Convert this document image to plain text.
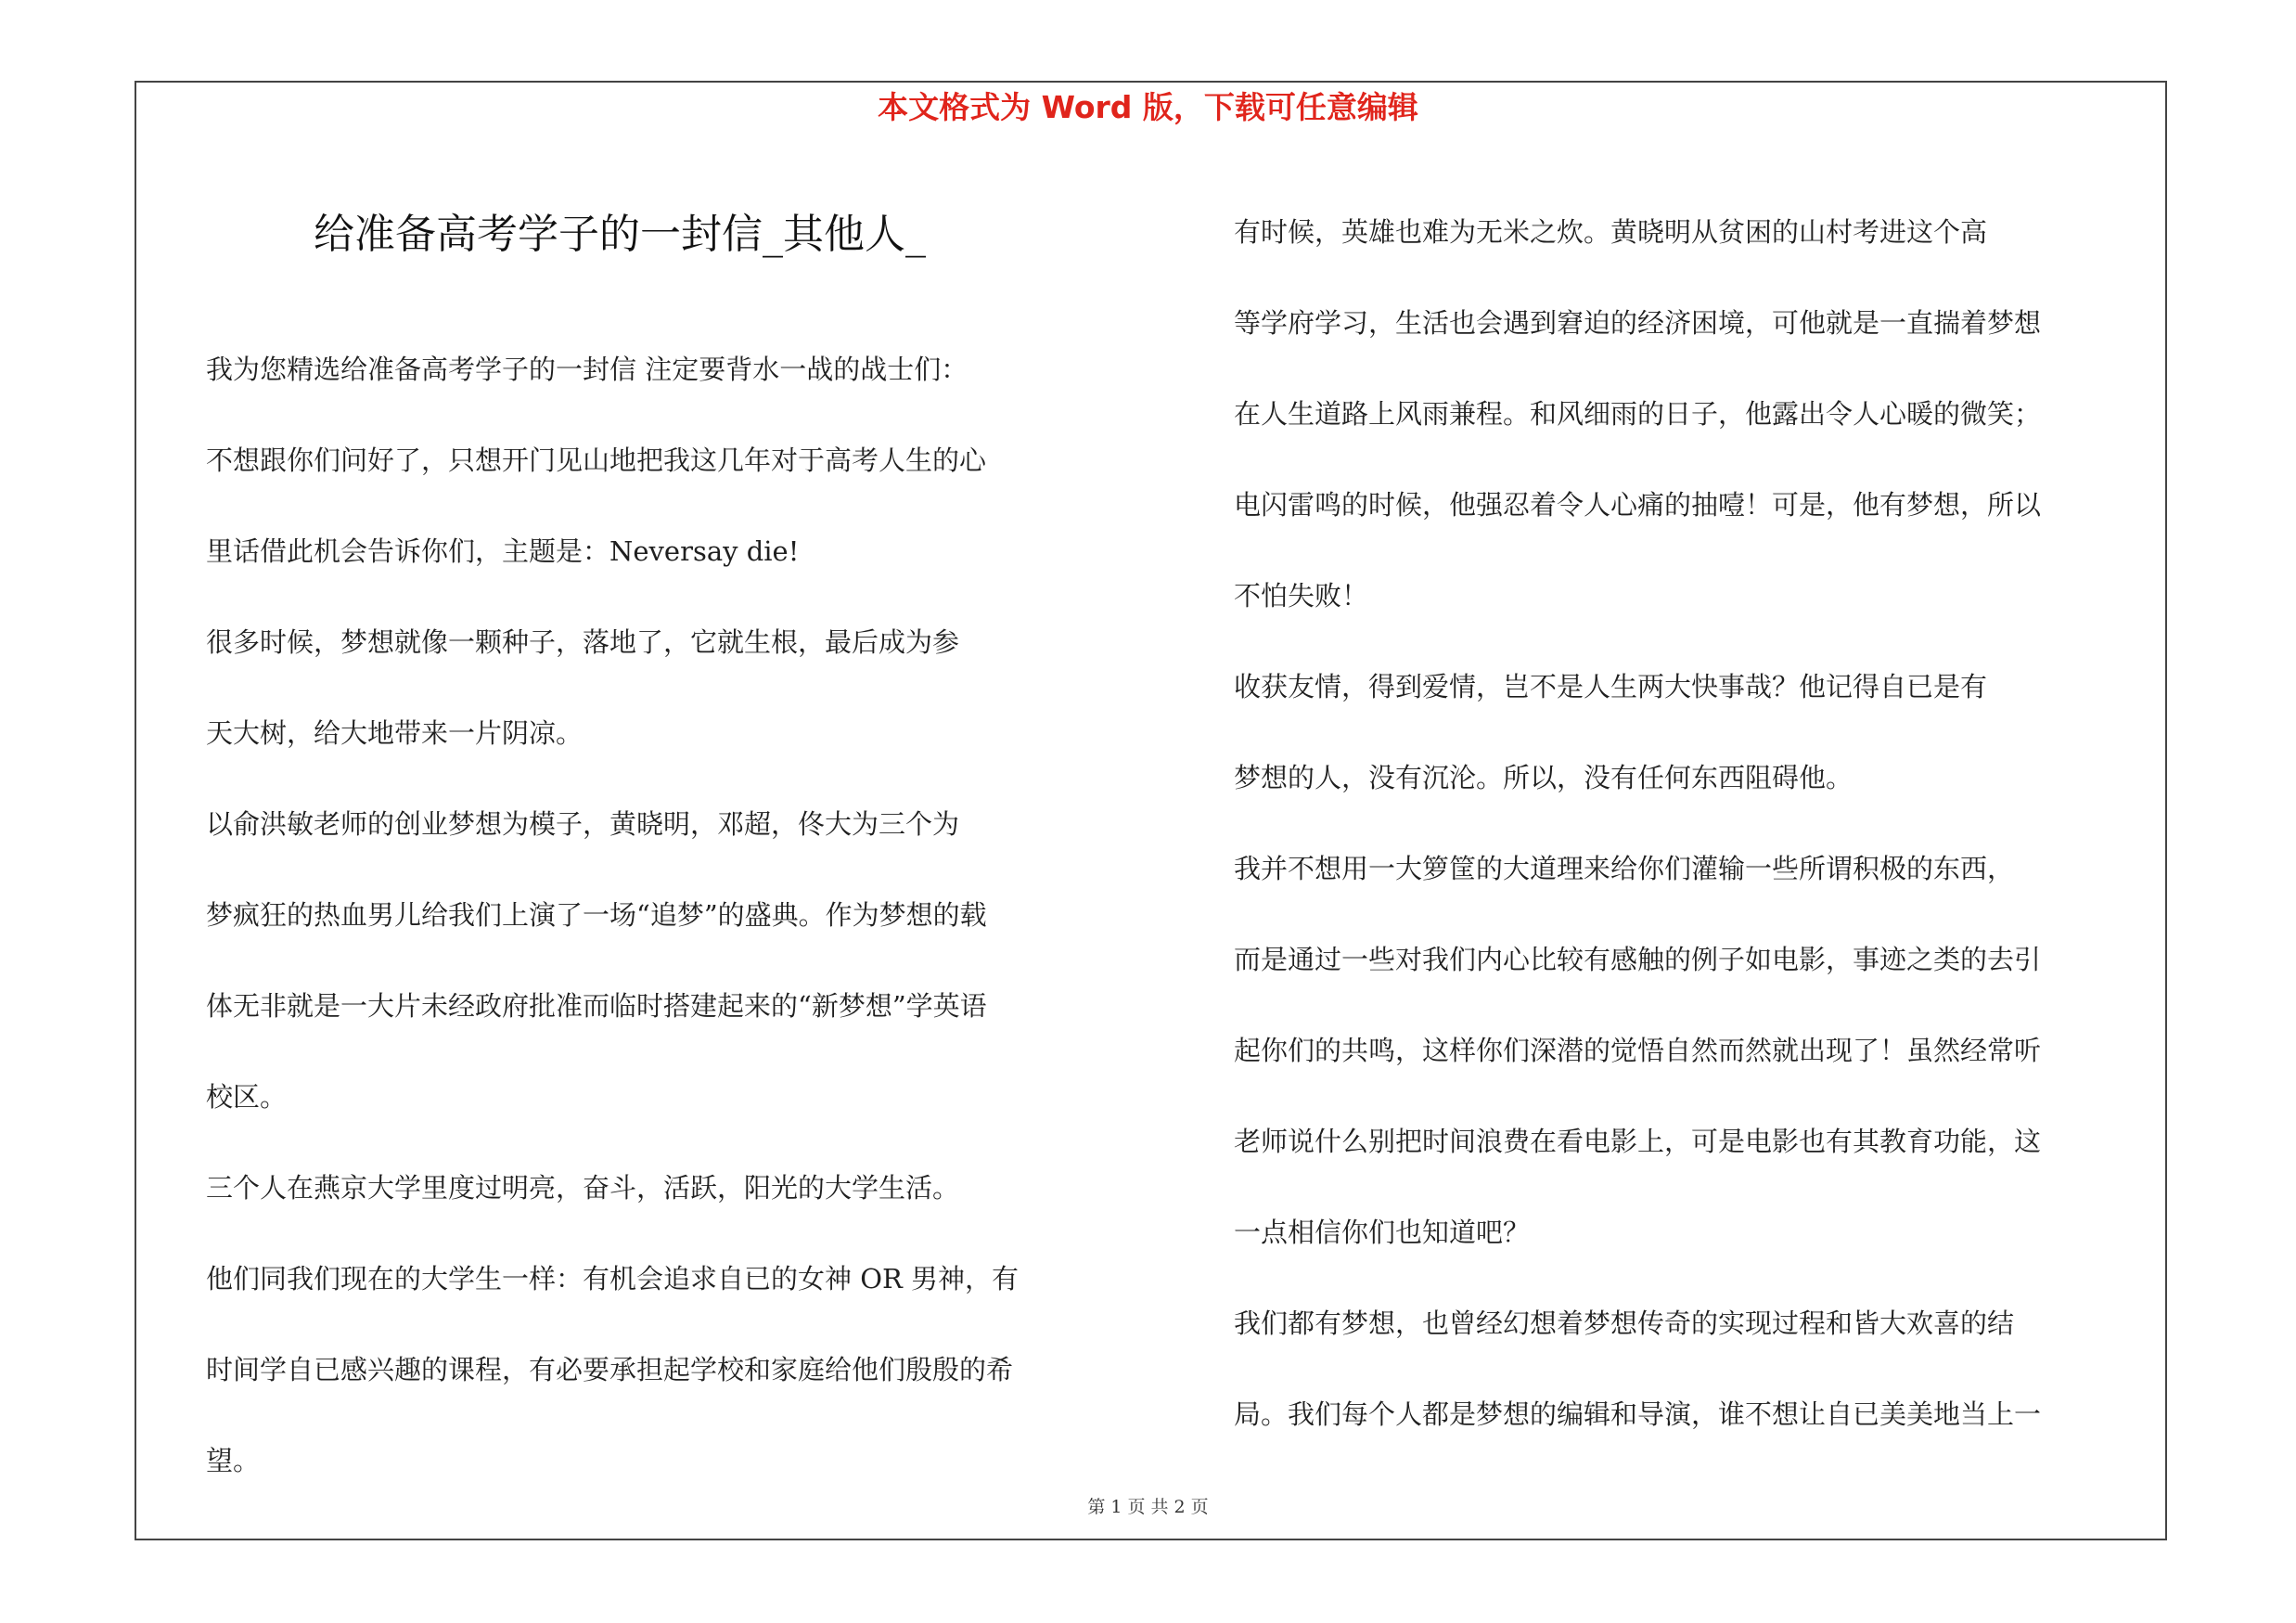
本文格式为 Word 版，下载可任意编辑
给准备高考学子的一封信_其他人_
我为您精选给准备高考学子的一封信 注定要背水一战的战士们：
不想跟你们问好了，只想开门见山地把我这几年对于高考人生的心
里话借此机会告诉你们，主题是：Neversay die!
很多时候，梦想就像一颗种子，落地了，它就生根，最后成为参
天大树，给大地带来一片阴凉。
以俞洪敏老师的创业梦想为模子，黄晓明，邓超，佟大为三个为
梦疯狂的热血男儿给我们上演了一场“追梦”的盛典。作为梦想的载
体无非就是一大片未经政府批准而临时搭建起来的“新梦想”学英语
校区。
三个人在燕京大学里度过明亮，奋斗，活跃，阳光的大学生活。
他们同我们现在的大学生一样：有机会追求自已的女神 OR 男神，有
时间学自已感兴趣的课程，有必要承担起学校和家庭给他们殷殷的希
望。
有时候，英雄也难为无米之炊。黄晓明从贫困的山村考进这个高
等学府学习，生活也会遇到窘迫的经济困境，可他就是一直揣着梦想
在人生道路上风雨兼程。和风细雨的日子，他露出令人心暖的微笑；
电闪雷鸣的时候，他强忍着令人心痛的抽噎！可是，他有梦想，所以
不怕失败！
收获友情，得到爱情，岂不是人生两大快事哉？他记得自已是有
梦想的人，没有沉沦。所以，没有任何东西阻碍他。
我并不想用一大箩筐的大道理来给你们灌输一些所谓积极的东西，
而是通过一些对我们内心比较有感触的例子如电影，事迹之类的去引
起你们的共鸣，这样你们深潜的觉悟自然而然就出现了！虽然经常听
老师说什么别把时间浪费在看电影上，可是电影也有其教育功能，这
一点相信你们也知道吧？
我们都有梦想，也曾经幻想着梦想传奇的实现过程和皆大欢喜的结
局。我们每个人都是梦想的编辑和导演，谁不想让自已美美地当上一
第 1 页 共 2 页
